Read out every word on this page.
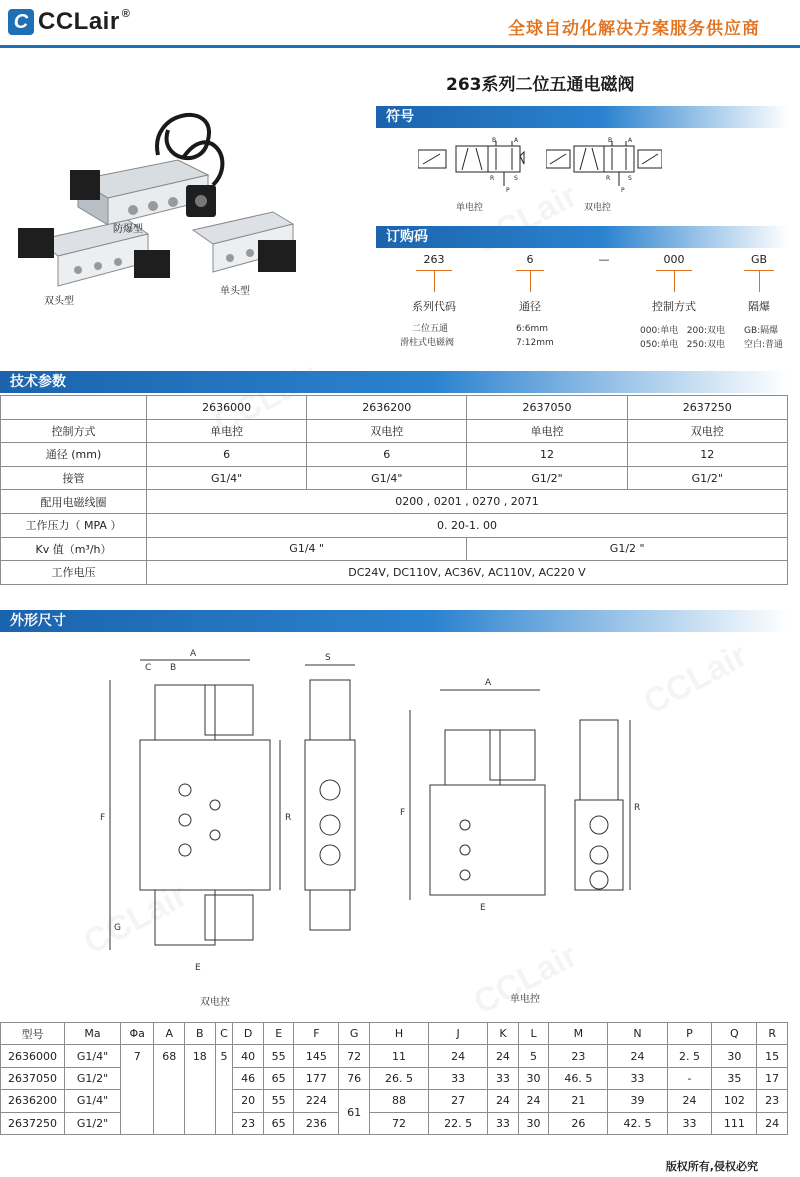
C CCLair ®
全球自动化解决方案服务供应商
263系列二位五通电磁阀
防爆型
双头型
单头型
符号
B	A
R	S
P
单电控
B	A
R	S
P
双电控
订购码
263	6	—	000	GB
系列代码	通径	控制方式	隔爆
二位五通
滑柱式电磁阀
6:6mm
7:12mm
000:单电   200:双电
050:单电   250:双电
GB:隔爆
空白:普通
技术参数
	2636000	2636200	2637050	2637250
控制方式	单电控	双电控	单电控	双电控
通径 (mm)	6	6	12	12
接管	G1/4"	G1/4"	G1/2"	G1/2"
配用电磁线圈	0200 , 0201 , 0270 , 2071			
工作压力（ MPA ）	0. 20-1. 00			
Kv 值（m³/h）	G1/4 "		G1/2 "	
工作电压	DC24V, DC110V, AC36V, AC110V, AC220 V			
外形尺寸
A
C B
F
G
R
S
A
F	R
E
E
双电控	单电控
型号	Ma	Φa	A	B	C	D	E	F	G	H	J	K	L	M	N	P	Q	R
2636000	G1/4"	7	68	18	5	40	55	145	72	11	24	24	5	23	24	2. 5	30	15
2637050	G1/2"					46	65	177	76	26. 5	33	33	30	46. 5	33	-	35	17
2636200	G1/4"					20	55	224	61	88	27	24	24	21	39	24	102	23
2637250	G1/2"					23	65	236		72	22. 5	33	30	26	42. 5	33	111	24
版权所有,侵权必究
